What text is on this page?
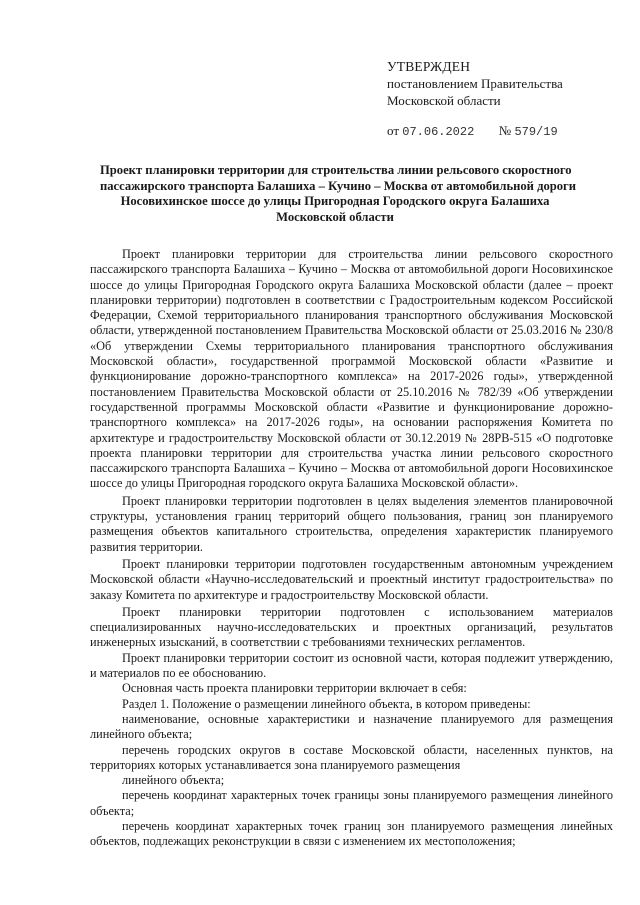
УТВЕРЖДЕН
постановлением Правительства
Московской области
от 07.06.2022 № 579/19
Проект планировки территории для строительства линии рельсового скоростного
пассажирского транспорта Балашиха – Кучино – Москва от автомобильной дороги
Носовихинское шоссе до улицы Пригородная Городского округа Балашиха
Московской области

Проект планировки территории для строительства линии рельсового скоростного пассажирского транспорта Балашиха – Кучино – Москва от автомобильной дороги Носовихинское шоссе до улицы Пригородная Городского округа Балашиха Московской области (далее – проект планировки территории) подготовлен в соответствии с Градостроительным кодексом Российской Федерации, Схемой территориального планирования транспортного обслуживания Московской области, утвержденной постановлением Правительства Московской области от 25.03.2016 № 230/8 «Об утверждении Схемы территориального планирования транспортного обслуживания Московской области», государственной программой Московской области «Развитие и функционирование дорожно-транспортного комплекса» на 2017-2026 годы», утвержденной постановлением Правительства Московской области от 25.10.2016 № 782/39 «Об утверждении государственной программы Московской области «Развитие и функционирование дорожно-транспортного комплекса» на 2017-2026 годы», на основании распоряжения Комитета по архитектуре и градостроительству Московской области от 30.12.2019 № 28РВ-515 «О подготовке проекта планировки территории для строительства участка линии рельсового скоростного пассажирского транспорта Балашиха – Кучино – Москва от автомобильной дороги Носовихинское шоссе до улицы Пригородная городского округа Балашиха Московской области».

Проект планировки территории подготовлен в целях выделения элементов планировочной структуры, установления границ территорий общего пользования, границ зон планируемого размещения объектов капитального строительства, определения характеристик планируемого развития территории.

Проект планировки территории подготовлен государственным автономным учреждением Московской области «Научно-исследовательский и проектный институт градостроительства» по заказу Комитета по архитектуре и градостроительству Московской области.

Проект планировки территории подготовлен с использованием материалов специализированных научно-исследовательских и проектных организаций, результатов инженерных изысканий, в соответствии с требованиями технических регламентов.

Проект планировки территории состоит из основной части, которая подлежит утверждению, и материалов по ее обоснованию.

Основная часть проекта планировки территории включает в себя:

Раздел 1. Положение о размещении линейного объекта, в котором приведены:

наименование, основные характеристики и назначение планируемого для размещения линейного объекта;

перечень городских округов в составе Московской области, населенных пунктов, на территориях которых устанавливается зона планируемого размещения

линейного объекта;

перечень координат характерных точек границы зоны планируемого размещения линейного объекта;

перечень координат характерных точек границ зон планируемого размещения линейных объектов, подлежащих реконструкции в связи с изменением их местоположения;
